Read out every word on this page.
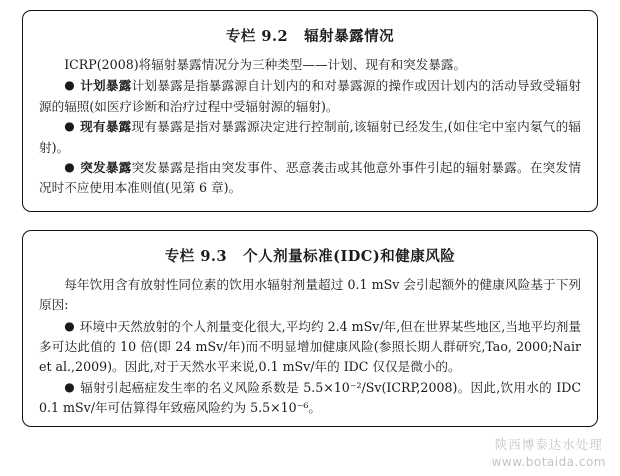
专栏 9.2 辐射暴露情况

ICRP(2008)将辐射暴露情况分为三种类型——计划、现有和突发暴露。

● 计划暴露计划暴露是指暴露源自计划内的和对暴露源的操作或因计划内的活动导致受辐射源的辐照(如医疗诊断和治疗过程中受辐射源的辐射)。

● 现有暴露现有暴露是指对暴露源决定进行控制前,该辐射已经发生,(如住宅中室内氡气的辐射)。

● 突发暴露突发暴露是指由突发事件、恶意袭击或其他意外事件引起的辐射暴露。在突发情况时不应使用本准则值(见第 6 章)。

专栏 9.3 个人剂量标准(IDC)和健康风险

每年饮用含有放射性同位素的饮用水辐射剂量超过 0.1 mSv 会引起额外的健康风险基于下列原因:

● 环境中天然放射的个人剂量变化很大,平均约 2.4 mSv/年,但在世界某些地区,当地平均剂量多可达此值的 10 倍(即 24 mSv/年)而不明显增加健康风险(参照长期人群研究,Tao, 2000;Nair et al.,2009)。因此,对于天然水平来说,0.1 mSv/年的 IDC 仅仅是微小的。

● 辐射引起癌症发生率的名义风险系数是 5.5×10⁻²/Sv(ICRP,2008)。因此,饮用水的 IDC 0.1 mSv/年可估算得年致癌风险约为 5.5×10⁻⁶。

陕西博泰达水处理
www.botaida.com
